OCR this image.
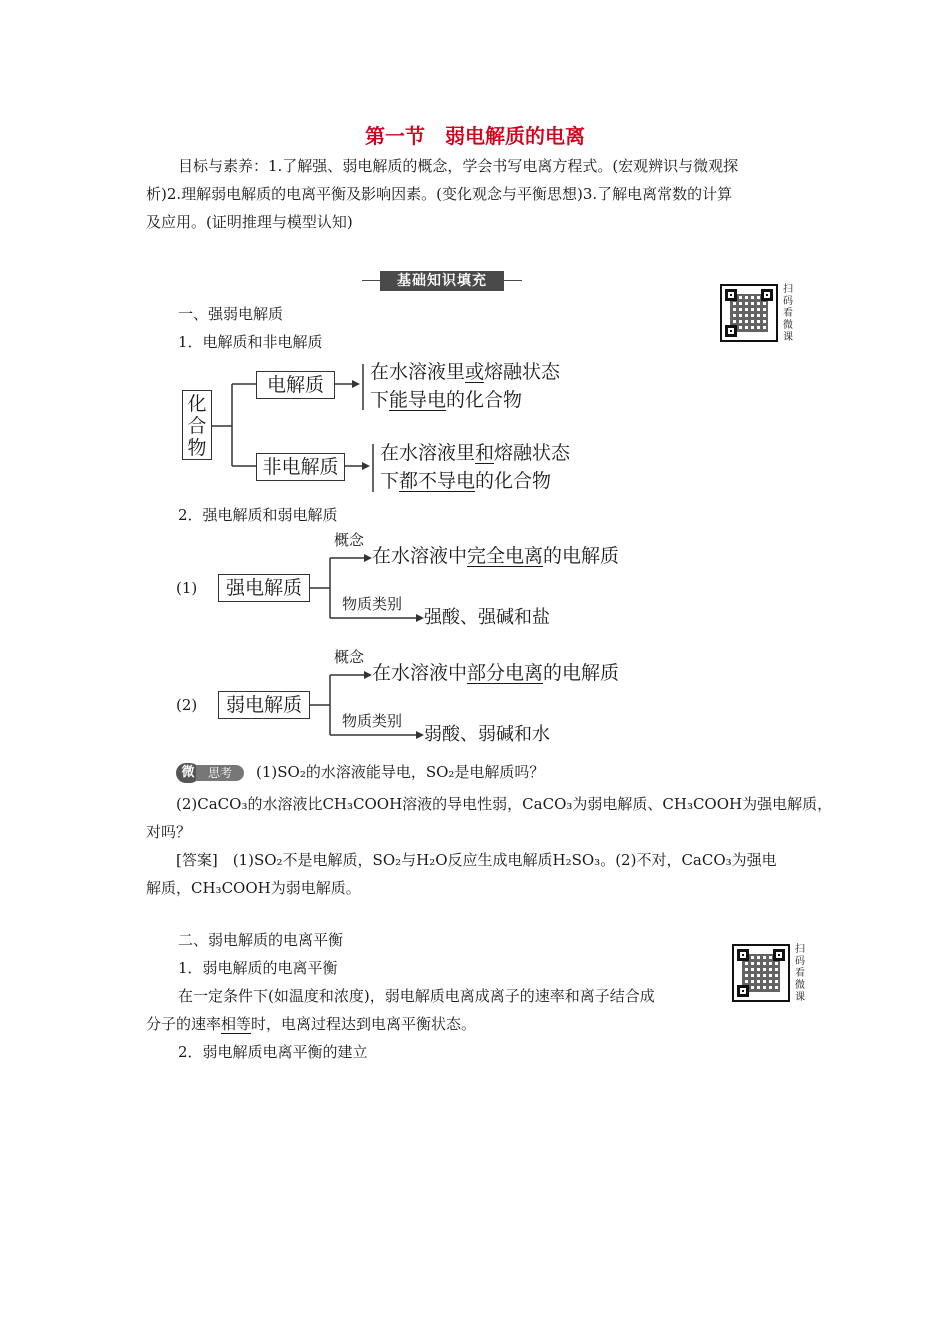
第一节　弱电解质的电离
目标与素养：1.了解强、弱电解质的概念，学会书写电离方程式。(宏观辨识与微观探
析)2.理解弱电解质的电离平衡及影响因素。(变化观念与平衡思想)3.了解电离常数的计算
及应用。(证明推理与模型认知)
基础知识填充
扫码看微课
一、强弱电解质
1．电解质和非电解质
化
合
物
电解质
非电解质
在水溶液里或熔融状态
下能导电的化合物
在水溶液里和熔融状态
下都不导电的化合物
2．强电解质和弱电解质
(1)	强电解质
概念
在水溶液中完全电离的电解质
物质类别
强酸、强碱和盐
(2)	弱电解质
概念
在水溶液中部分电离的电解质
物质类别
弱酸、弱碱和水
微	思考	(1)SO₂的水溶液能导电，SO₂是电解质吗？
(2)CaCO₃的水溶液比CH₃COOH溶液的导电性弱，CaCO₃为弱电解质、CH₃COOH为强电解质，
对吗？
[答案]　(1)SO₂不是电解质，SO₂与H₂O反应生成电解质H₂SO₃。(2)不对，CaCO₃为强电
解质，CH₃COOH为弱电解质。
扫码看微课
二、弱电解质的电离平衡
1．弱电解质的电离平衡
在一定条件下(如温度和浓度)，弱电解质电离成离子的速率和离子结合成
分子的速率相等时，电离过程达到电离平衡状态。
2．弱电解质电离平衡的建立
